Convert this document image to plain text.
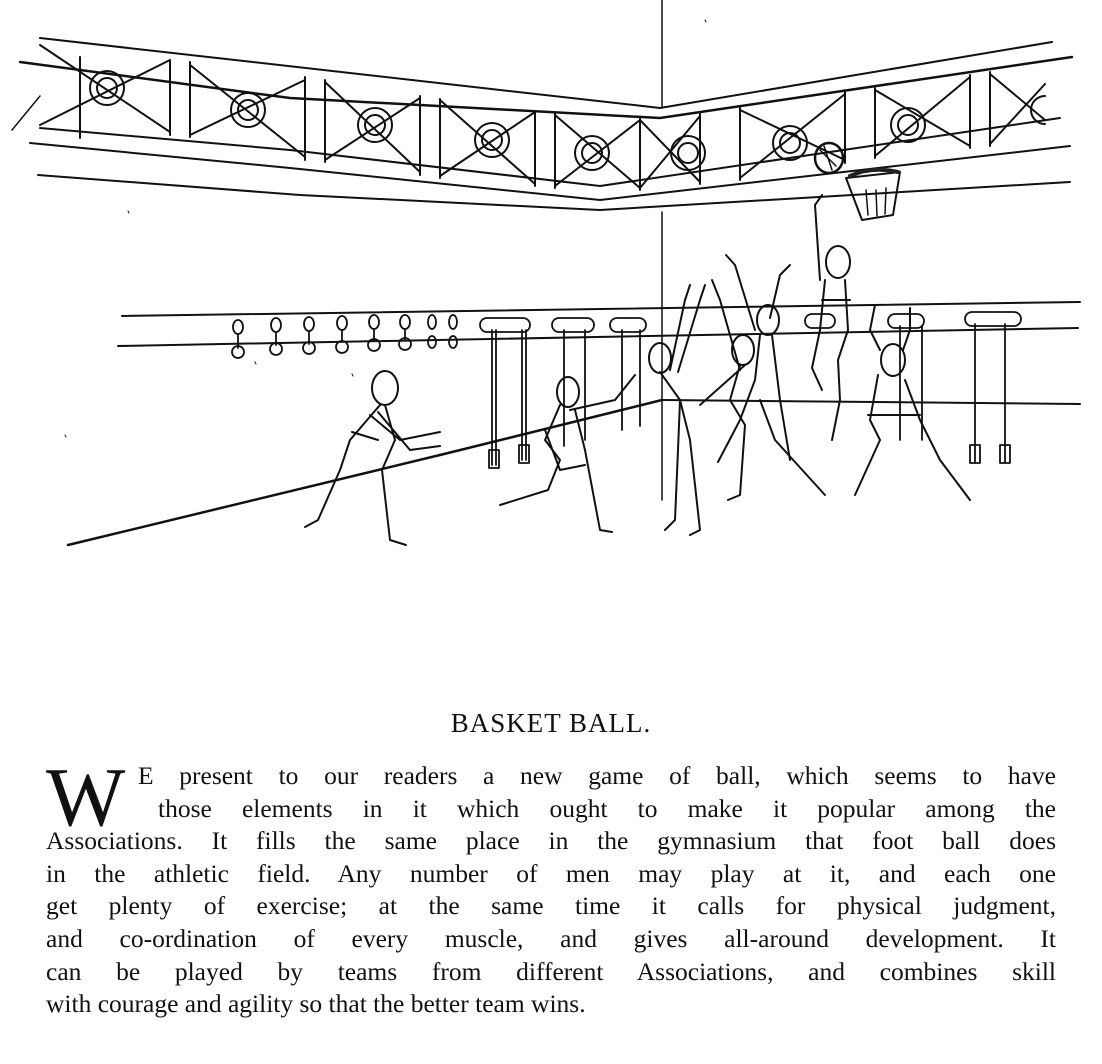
BASKET BALL.
W E present to our readers a new game of ball, which seems to have
those elements in it which ought to make it popular among the
Associations. It fills the same place in the gymnasium that foot ball does
in the athletic field. Any number of men may play at it, and each one
get plenty of exercise; at the same time it calls for physical judgment,
and co-ordination of every muscle, and gives all-around development. It
can be played by teams from different Associations, and combines skill
with courage and agility so that the better team wins.
